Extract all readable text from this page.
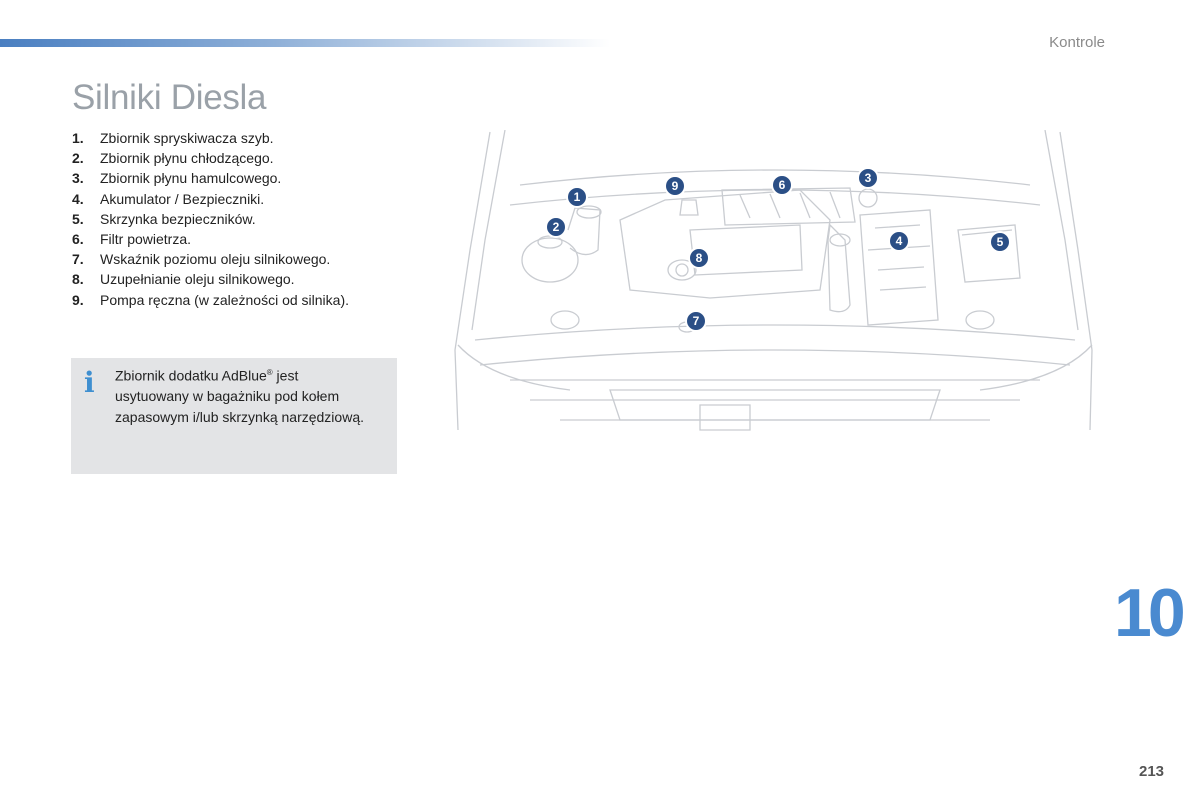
Kontrole
Silniki Diesla
1. Zbiornik spryskiwacza szyb.
2. Zbiornik płynu chłodzącego.
3. Zbiornik płynu hamulcowego.
4. Akumulator / Bezpieczniki.
5. Skrzynka bezpieczników.
6. Filtr powietrza.
7. Wskaźnik poziomu oleju silnikowego.
8. Uzupełnianie oleju silnikowego.
9. Pompa ręczna (w zależności od silnika).
i Zbiornik dodatku AdBlue® jest usytuowany w bagażniku pod kołem zapasowym i/lub skrzynką narzędziową.
1
2
3
4	5
6
7
8
9
10
213
